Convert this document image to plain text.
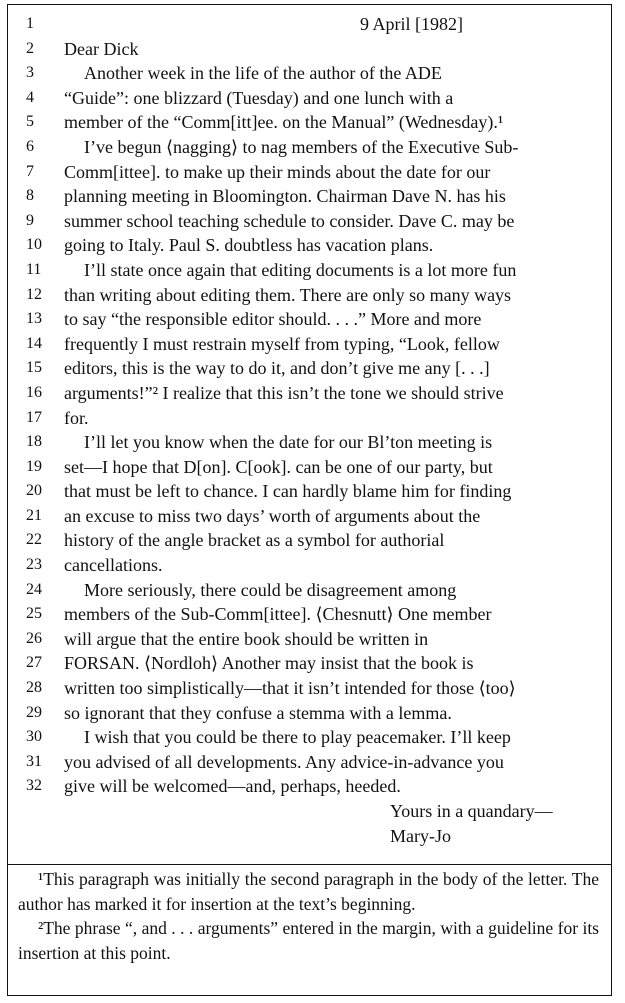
1	9 April [1982]
2	Dear Dick
3	Another week in the life of the author of the ADE
4	“Guide”: one blizzard (Tuesday) and one lunch with a
5	member of the “Comm[itt]ee. on the Manual” (Wednesday).¹
6	I’ve begun ⟨nagging⟩ to nag members of the Executive Sub-
7	Comm[ittee]. to make up their minds about the date for our
8	planning meeting in Bloomington. Chairman Dave N. has his
9	summer school teaching schedule to consider. Dave C. may be
10	going to Italy. Paul S. doubtless has vacation plans.
11	I’ll state once again that editing documents is a lot more fun
12	than writing about editing them. There are only so many ways
13	to say “the responsible editor should. . . .” More and more
14	frequently I must restrain myself from typing, “Look, fellow
15	editors, this is the way to do it, and don’t give me any [. . .]
16	arguments!”² I realize that this isn’t the tone we should strive
17	for.
18	I’ll let you know when the date for our Bl’ton meeting is
19	set—I hope that D[on]. C[ook]. can be one of our party, but
20	that must be left to chance. I can hardly blame him for finding
21	an excuse to miss two days’ worth of arguments about the
22	history of the angle bracket as a symbol for authorial
23	cancellations.
24	More seriously, there could be disagreement among
25	members of the Sub-Comm[ittee]. ⟨Chesnutt⟩ One member
26	will argue that the entire book should be written in
27	FORSAN. ⟨Nordloh⟩ Another may insist that the book is
28	written too simplistically—that it isn’t intended for those ⟨too⟩
29	so ignorant that they confuse a stemma with a lemma.
30	I wish that you could be there to play peacemaker. I’ll keep
31	you advised of all developments. Any advice-in-advance you
32	give will be welcomed—and, perhaps, heeded.
Yours in a quandary—
Mary-Jo

¹This paragraph was initially the second paragraph in the body of the letter. The author has marked it for insertion at the text’s beginning.

²The phrase “, and . . . arguments” entered in the margin, with a guideline for its insertion at this point.
